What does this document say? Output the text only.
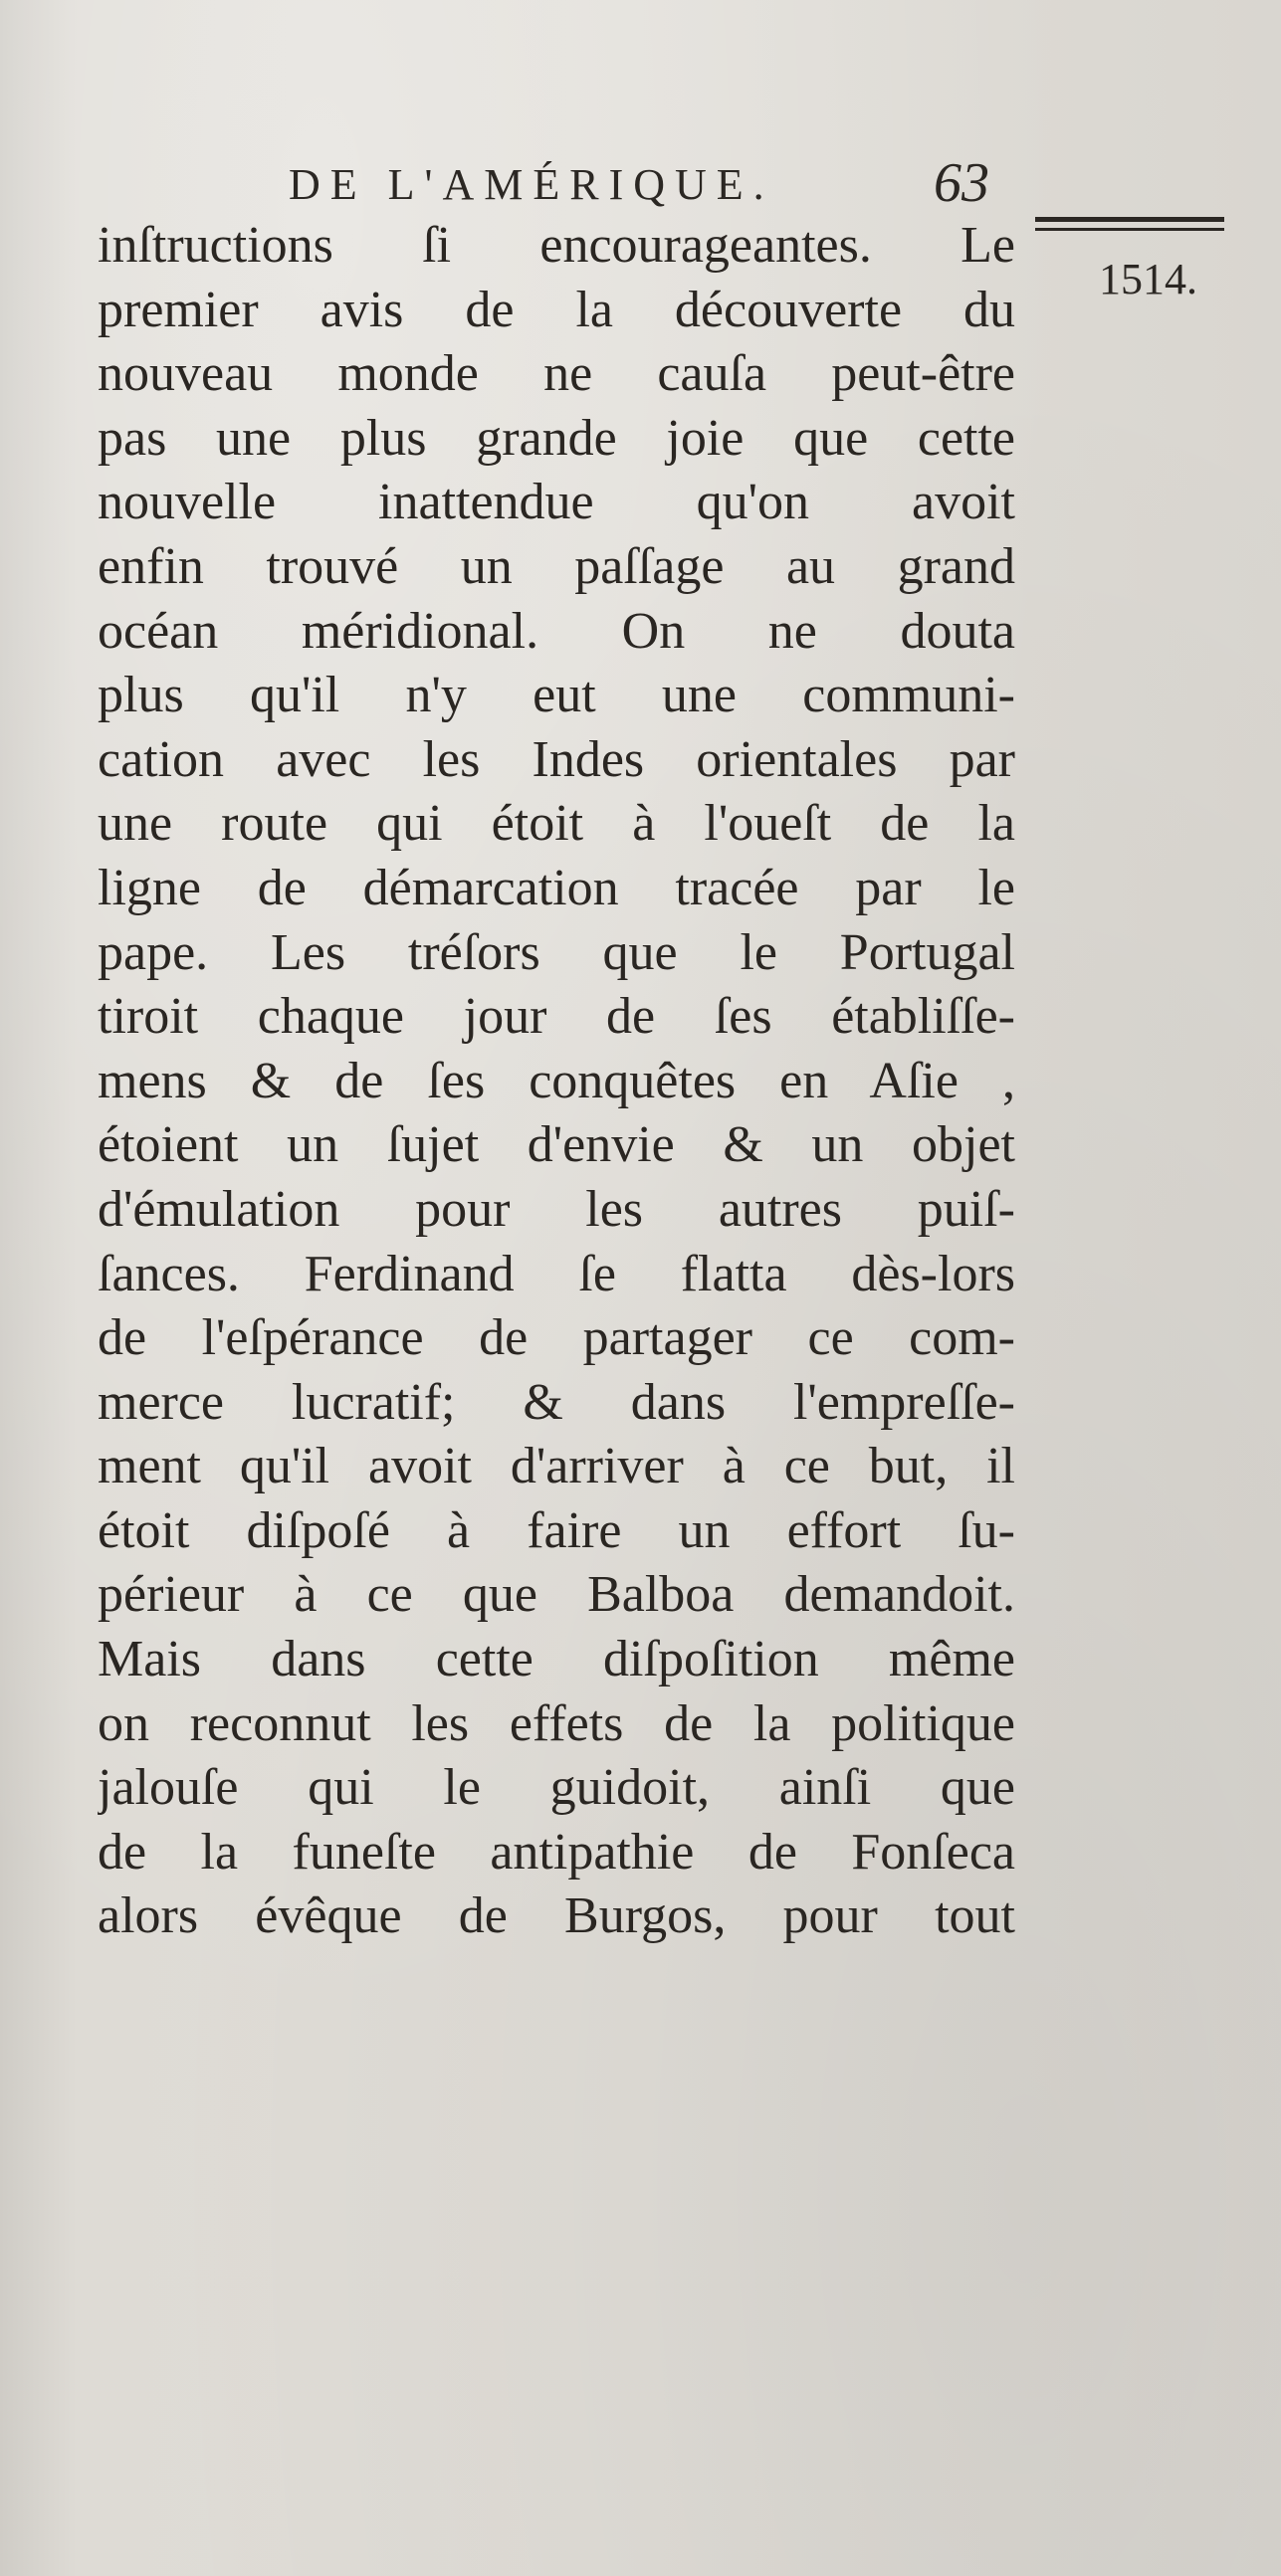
DE L'AMÉRIQUE.	63
1514.
inſtructions ſi encourageantes. Le
premier avis de la découverte du
nouveau monde ne cauſa peut-être
pas une plus grande joie que cette
nouvelle inattendue qu'on avoit
enfin trouvé un paſſage au grand
océan méridional. On ne douta
plus qu'il n'y eut une communi-
cation avec les Indes orientales par
une route qui étoit à l'oueſt de la
ligne de démarcation tracée par le
pape. Les tréſors que le Portugal
tiroit chaque jour de ſes établiſſe-
mens & de ſes conquêtes en Aſie ,
étoient un ſujet d'envie & un objet
d'émulation pour les autres puiſ-
ſances. Ferdinand ſe flatta dès-lors
de l'eſpérance de partager ce com-
merce lucratif; & dans l'empreſſe-
ment qu'il avoit d'arriver à ce but, il
étoit diſpoſé à faire un effort ſu-
périeur à ce que Balboa demandoit.
Mais dans cette diſpoſition même
on reconnut les effets de la politique
jalouſe qui le guidoit, ainſi que
de la funeſte antipathie de Fonſeca
alors évêque de Burgos, pour tout
